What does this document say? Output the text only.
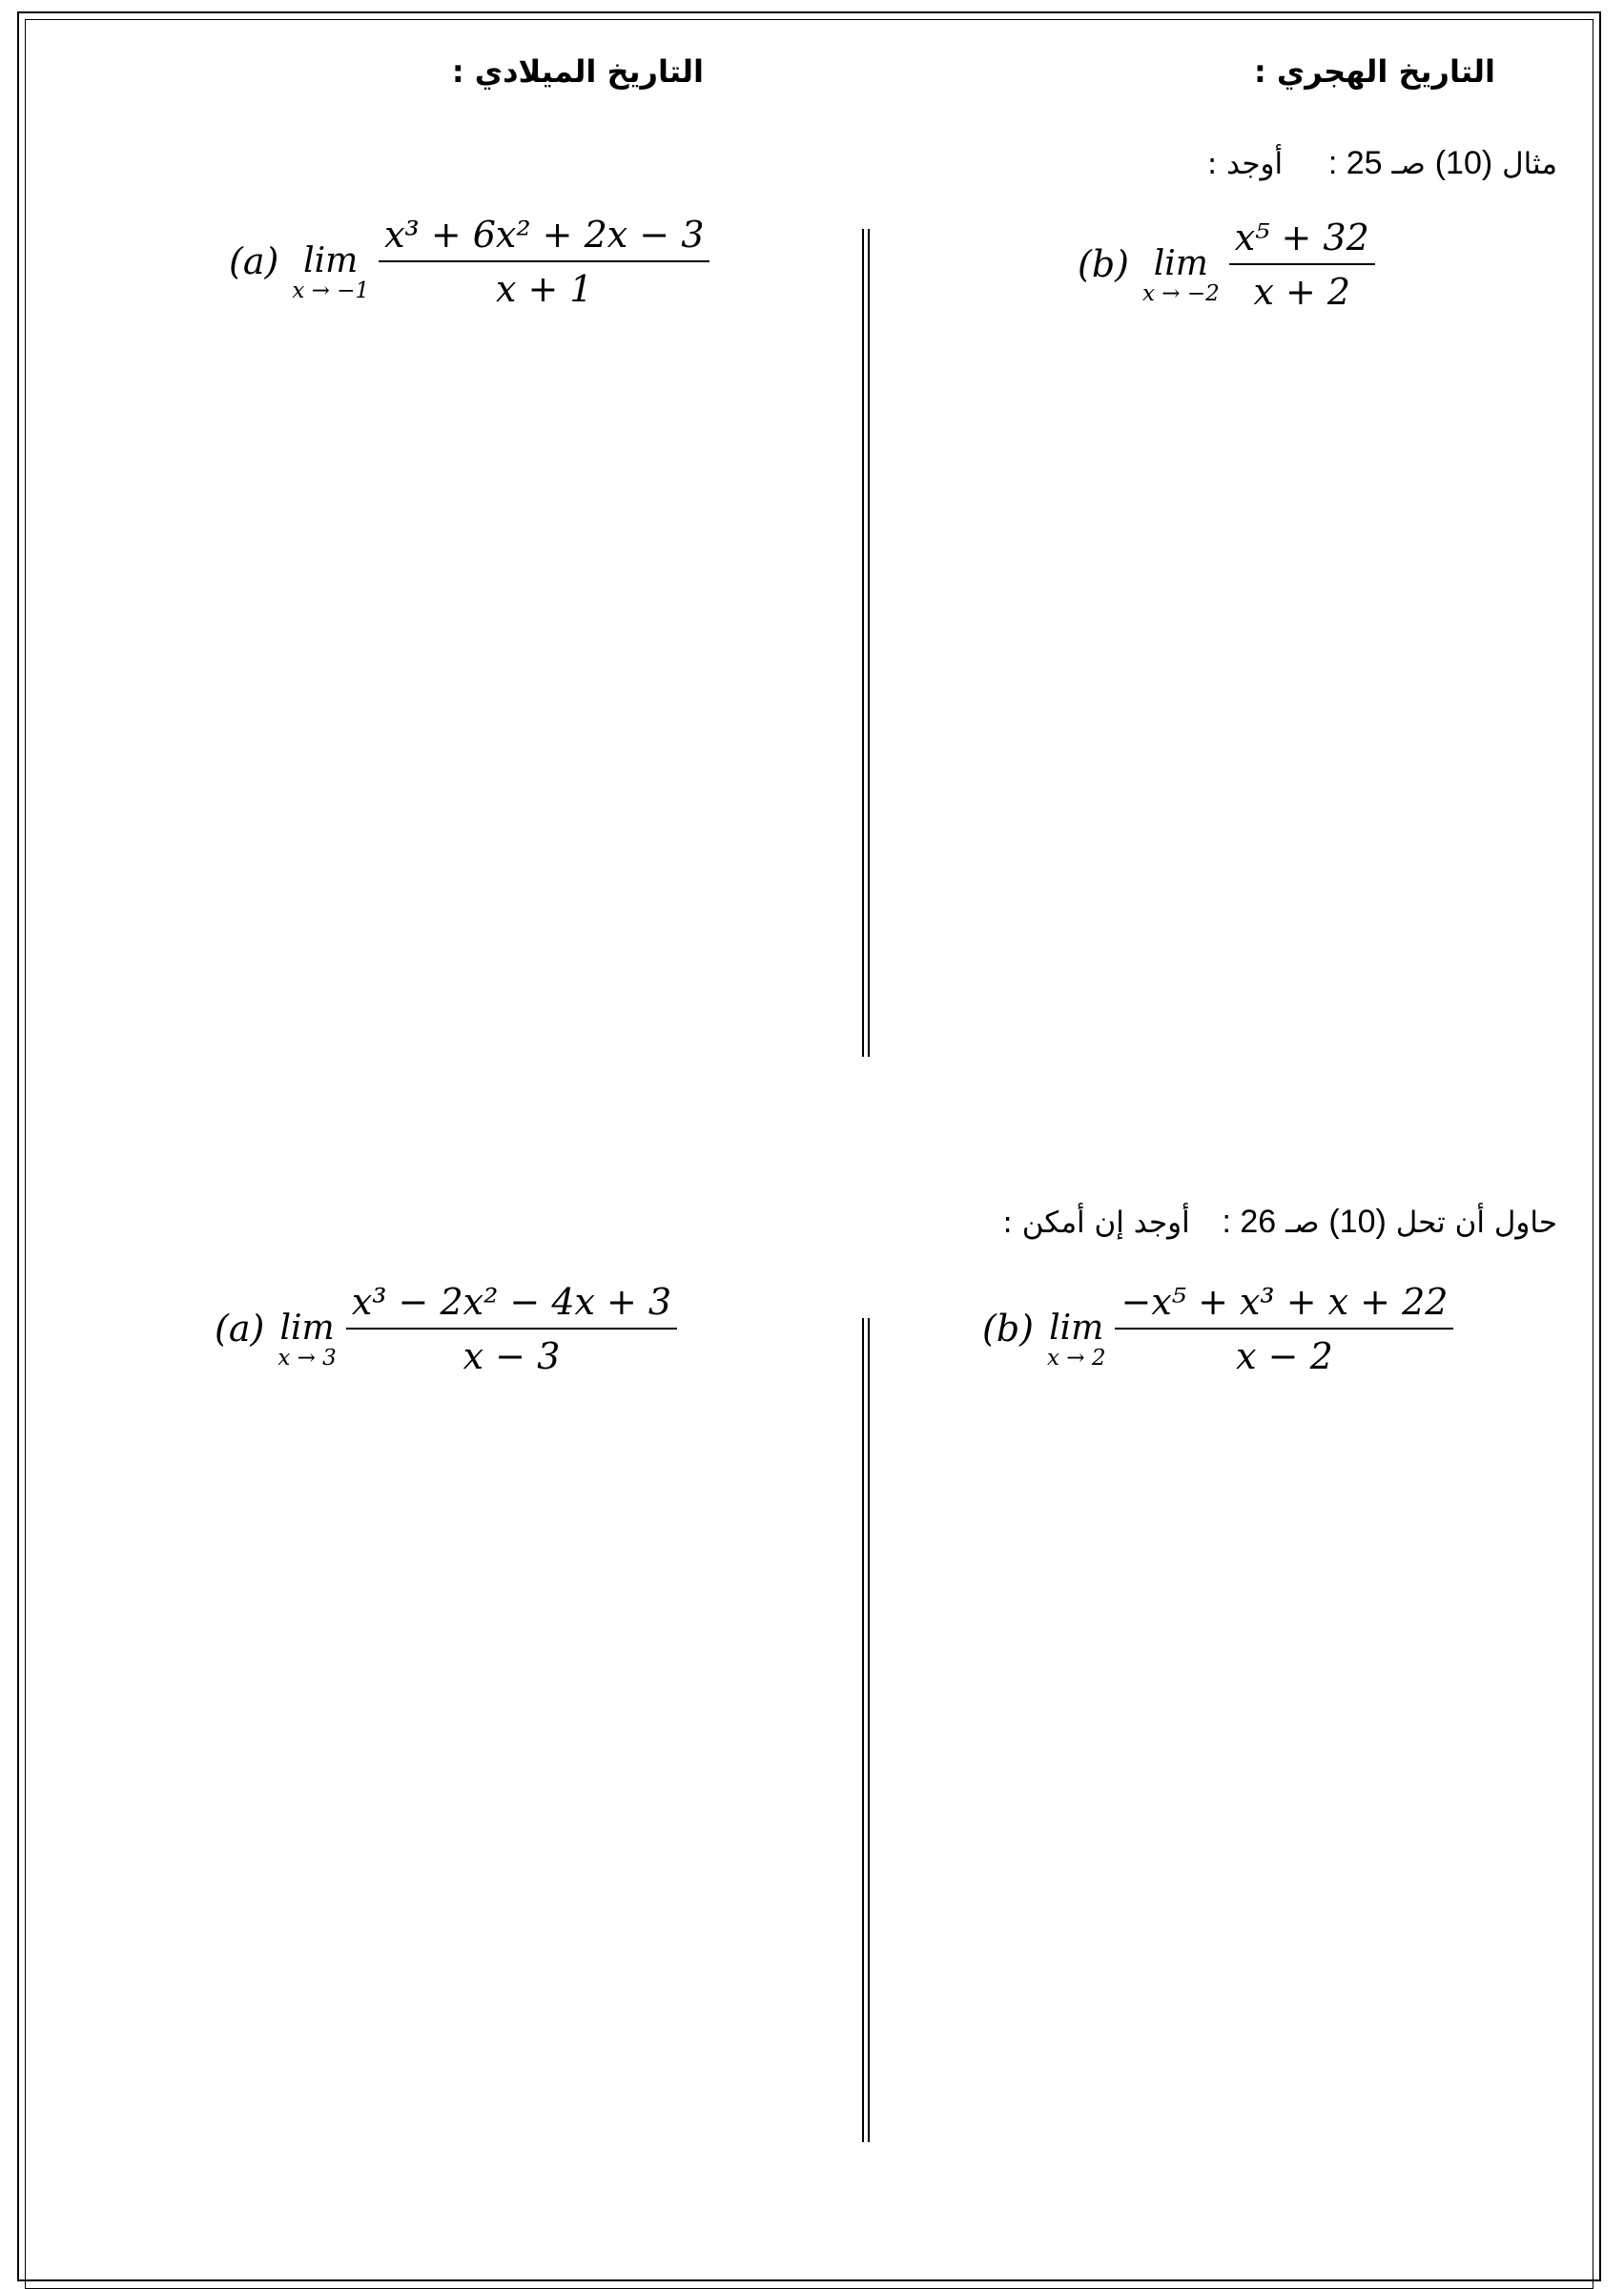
التاريخ الهجري :
التاريخ الميلادي :
مثال (10) صـ 25 :  أوجد :
(b) lim
$x \to -2 \frac{\text{x⁵ + 32}}{x + 2}$
(a) lim
$x \to -1 \frac{\text{x³ + 6x² + 2x − 3}}{x + 1}$
حاول أن تحل (10) صـ 26 :  أوجد إن أمكن :
(b) lim
$x \to 2 \frac{\text{−x⁵ + x³ + x + 22}}{x - 2}$
(a) lim
$x \to 3 \frac{\text{x³ − 2x² − 4x + 3}}{x - 3}$
